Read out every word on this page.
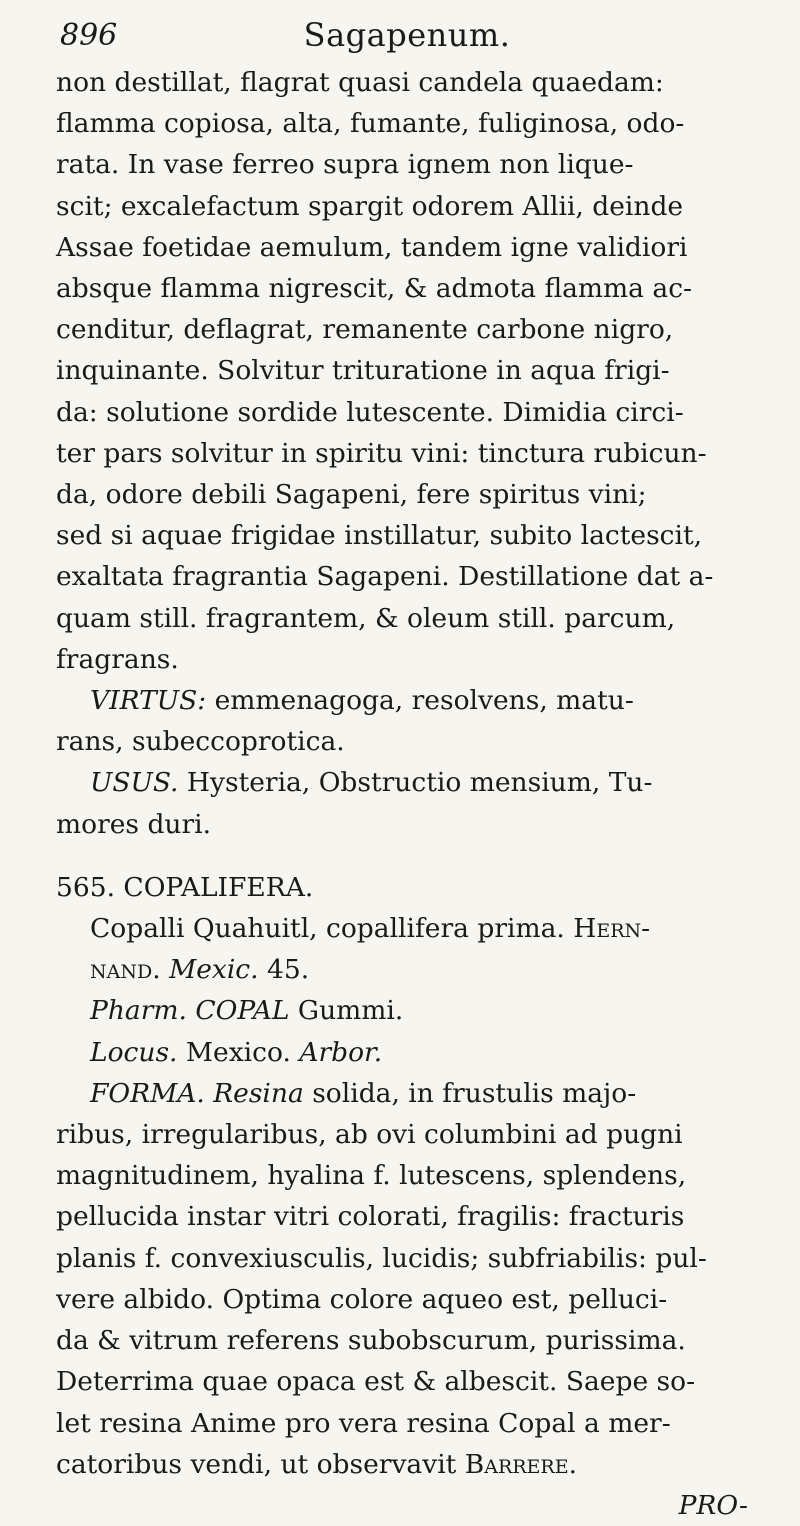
896	Sagapenum.
non destillat, flagrat quasi candela quaedam:
flamma copiosa, alta, fumante, fuliginosa, odo-
rata. In vase ferreo supra ignem non lique-
scit; excalefactum spargit odorem Allii, deinde
Assae foetidae aemulum, tandem igne validiori
absque flamma nigrescit, & admota flamma ac-
cenditur, deflagrat, remanente carbone nigro,
inquinante. Solvitur trituratione in aqua frigi-
da: solutione sordide lutescente. Dimidia circi-
ter pars solvitur in spiritu vini: tinctura rubicun-
da, odore debili Sagapeni, fere spiritus vini;
sed si aquae frigidae instillatur, subito lactescit,
exaltata fragrantia Sagapeni. Destillatione dat a-
quam still. fragrantem, & oleum still. parcum,
fragrans.
VIRTUS: emmenagoga, resolvens, matu-
rans, subeccoprotica.
USUS. Hysteria, Obstructio mensium, Tu-
mores duri.
565. COPALIFERA.
Copalli Quahuitl, copallifera prima. Hern-
nand. Mexic. 45.
Pharm. COPAL Gummi.
Locus. Mexico. Arbor.
FORMA. Resina solida, in frustulis majo-
ribus, irregularibus, ab ovi columbini ad pugni
magnitudinem, hyalina f. lutescens, splendens,
pellucida instar vitri colorati, fragilis: fracturis
planis f. convexiusculis, lucidis; subfriabilis: pul-
vere albido. Optima colore aqueo est, pelluci-
da & vitrum referens subobscurum, purissima.
Deterrima quae opaca est & albescit. Saepe so-
let resina Anime pro vera resina Copal a mer-
catoribus vendi, ut observavit Barrere.
PRO-
